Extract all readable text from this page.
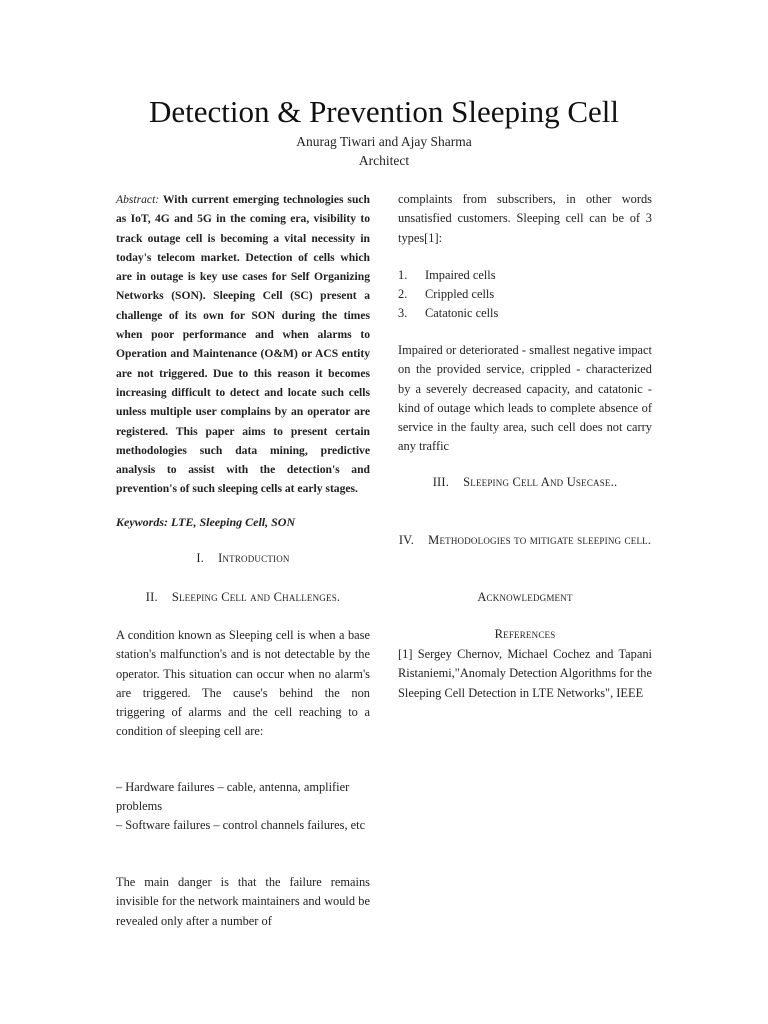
Detection & Prevention Sleeping Cell
Anurag Tiwari and Ajay Sharma
Architect
Abstract: With current emerging technologies such as IoT, 4G and 5G in the coming era, visibility to track outage cell is becoming a vital necessity in today's telecom market. Detection of cells which are in outage is key use cases for Self Organizing Networks (SON). Sleeping Cell (SC) present a challenge of its own for SON during the times when poor performance and when alarms to Operation and Maintenance (O&M) or ACS entity are not triggered. Due to this reason it becomes increasing difficult to detect and locate such cells unless multiple user complains by an operator are registered. This paper aims to present certain methodologies such data mining, predictive analysis to assist with the detection's and prevention's of such sleeping cells at early stages.
Keywords: LTE, Sleeping Cell, SON
I. Introduction
II. Sleeping Cell and Challenges.
A condition known as Sleeping cell is when a base station's malfunction's and is not detectable by the operator. This situation can occur when no alarm's are triggered. The cause's behind the non triggering of alarms and the cell reaching to a condition of sleeping cell are:
– Hardware failures – cable, antenna, amplifier problems
– Software failures – control channels failures, etc
The main danger is that the failure remains invisible for the network maintainers and would be revealed only after a number of
complaints from subscribers, in other words unsatisfied customers. Sleeping cell can be of 3 types[1]:
1. Impaired cells
2. Crippled cells
3. Catatonic cells
Impaired or deteriorated - smallest negative impact on the provided service, crippled - characterized by a severely decreased capacity, and catatonic - kind of outage which leads to complete absence of service in the faulty area, such cell does not carry any traffic
III. Sleeping Cell And Usecase..
IV. Methodologies to mitigate sleeping cell.
Acknowledgment
References
[1] Sergey Chernov, Michael Cochez and Tapani Ristaniemi,"Anomaly Detection Algorithms for the Sleeping Cell Detection in LTE Networks", IEEE
